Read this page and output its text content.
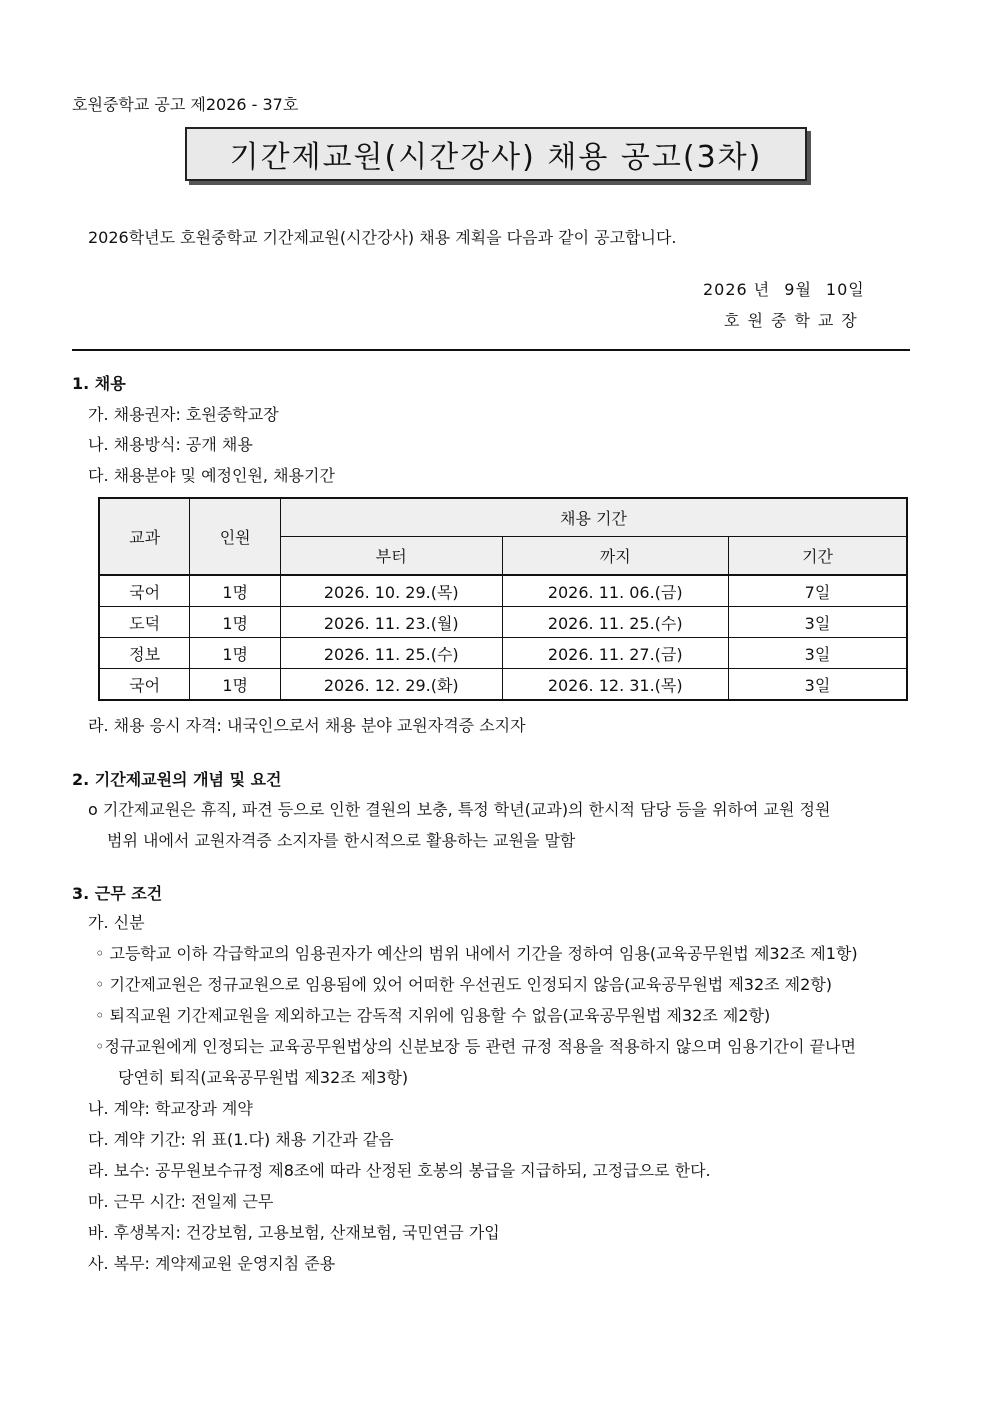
호원중학교 공고 제2026 - 37호
기간제교원(시간강사) 채용 공고(3차)
2026학년도 호원중학교 기간제교원(시간강사) 채용 계획을 다음과 같이 공고합니다.
2026 년 9월 10일
호원중학교장
1. 채용
가. 채용권자: 호원중학교장
나. 채용방식: 공개 채용
다. 채용분야 및 예정인원, 채용기간
교과	인원	채용 기간		
		부터	까지	기간
국어	1명	2026. 10. 29.(목)	2026. 11. 06.(금)	7일
도덕	1명	2026. 11. 23.(월)	2026. 11. 25.(수)	3일
정보	1명	2026. 11. 25.(수)	2026. 11. 27.(금)	3일
국어	1명	2026. 12. 29.(화)	2026. 12. 31.(목)	3일
라. 채용 응시 자격: 내국인으로서 채용 분야 교원자격증 소지자
2. 기간제교원의 개념 및 요건
o 기간제교원은 휴직, 파견 등으로 인한 결원의 보충, 특정 학년(교과)의 한시적 담당 등을 위하여 교원 정원
범위 내에서 교원자격증 소지자를 한시적으로 활용하는 교원을 말함
3. 근무 조건
가. 신분
◦ 고등학교 이하 각급학교의 임용권자가 예산의 범위 내에서 기간을 정하여 임용(교육공무원법 제32조 제1항)
◦ 기간제교원은 정규교원으로 임용됨에 있어 어떠한 우선권도 인정되지 않음(교육공무원법 제32조 제2항)
◦ 퇴직교원 기간제교원을 제외하고는 감독적 지위에 임용할 수 없음(교육공무원법 제32조 제2항)
◦정규교원에게 인정되는 교육공무원법상의 신분보장 등 관련 규정 적용을 적용하지 않으며 임용기간이 끝나면
당연히 퇴직(교육공무원법 제32조 제3항)
나. 계약: 학교장과 계약
다. 계약 기간: 위 표(1.다) 채용 기간과 같음
라. 보수: 공무원보수규정 제8조에 따라 산정된 호봉의 봉급을 지급하되, 고정급으로 한다.
마. 근무 시간: 전일제 근무
바. 후생복지: 건강보험, 고용보험, 산재보험, 국민연금 가입
사. 복무: 계약제교원 운영지침 준용
